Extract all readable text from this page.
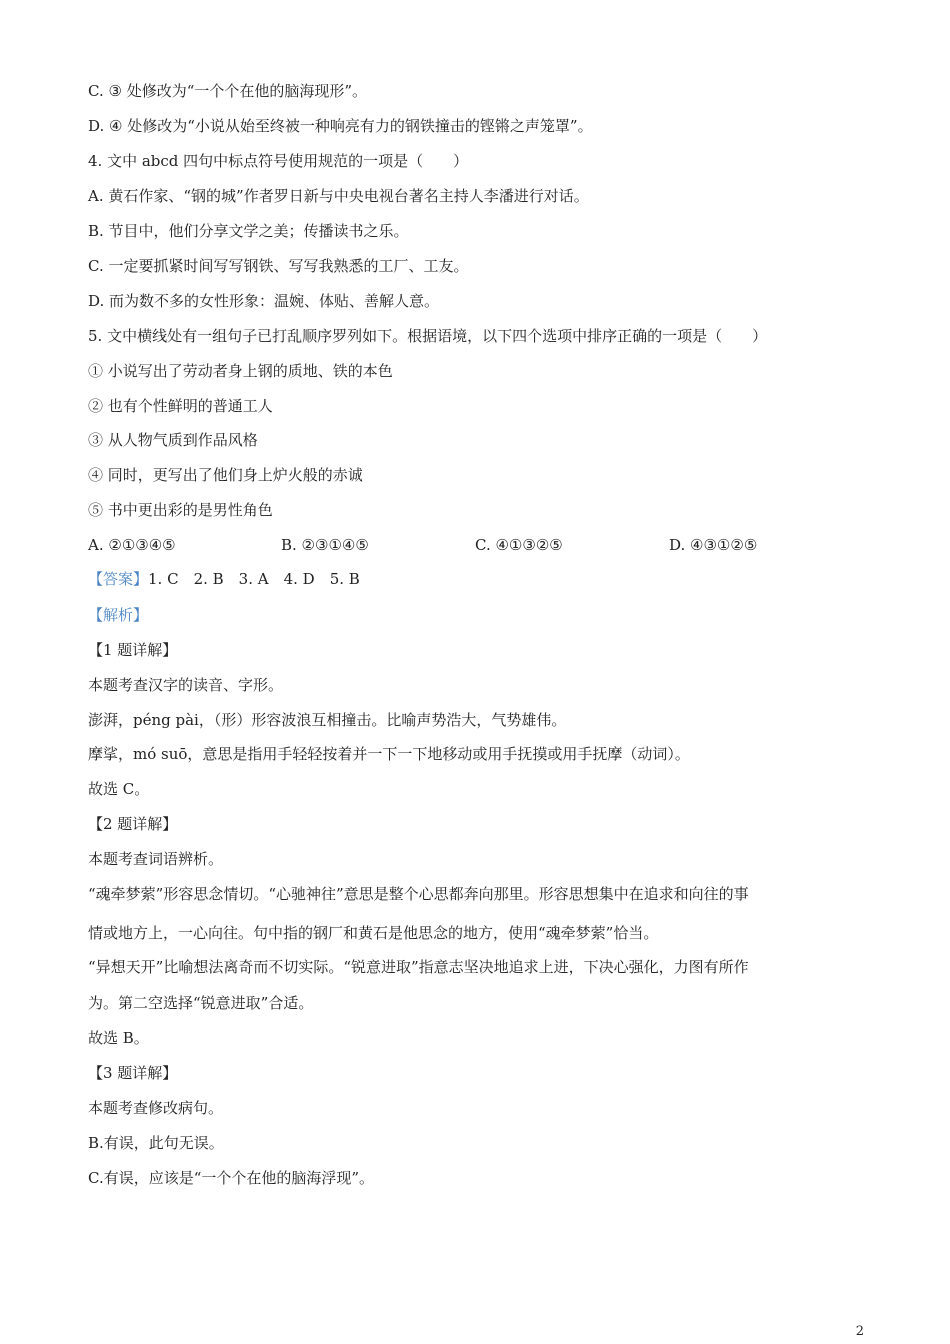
C. ③ 处修改为“一个个在他的脑海现形”。
D. ④ 处修改为“小说从始至终被一种响亮有力的钢铁撞击的铿锵之声笼罩”。
4. 文中 abcd 四句中标点符号使用规范的一项是（　　）
A. 黄石作家、“钢的城”作者罗日新与中央电视台著名主持人李潘进行对话。
B. 节目中，他们分享文学之美；传播读书之乐。
C. 一定要抓紧时间写写钢铁、写写我熟悉的工厂、工友。
D. 而为数不多的女性形象：温婉、体贴、善解人意。
5. 文中横线处有一组句子已打乱顺序罗列如下。根据语境，以下四个选项中排序正确的一项是（　　）
① 小说写出了劳动者身上钢的质地、铁的本色
② 也有个性鲜明的普通工人
③ 从人物气质到作品风格
④ 同时，更写出了他们身上炉火般的赤诚
⑤ 书中更出彩的是男性角色
A. ②①③④⑤	B. ②③①④⑤	C. ④①③②⑤	D. ④③①②⑤
【答案】1. C　2. B　3. A　4. D　5. B
【解析】
【1 题详解】
本题考查汉字的读音、字形。
澎湃，péng pài，（形）形容波浪互相撞击。比喻声势浩大，气势雄伟。
摩挲，mó suō，意思是指用手轻轻按着并一下一下地移动或用手抚摸或用手抚摩（动词）。
故选 C。
【2 题详解】
本题考查词语辨析。
“魂牵梦萦”形容思念情切。“心驰神往”意思是整个心思都奔向那里。形容思想集中在追求和向往的事
情或地方上，一心向往。句中指的钢厂和黄石是他思念的地方，使用“魂牵梦萦”恰当。
“异想天开”比喻想法离奇而不切实际。“锐意进取”指意志坚决地追求上进，下决心强化，力图有所作
为。第二空选择“锐意进取”合适。
故选 B。
【3 题详解】
本题考查修改病句。
B.有误，此句无误。
C.有误，应该是“一个个在他的脑海浮现”。
2
